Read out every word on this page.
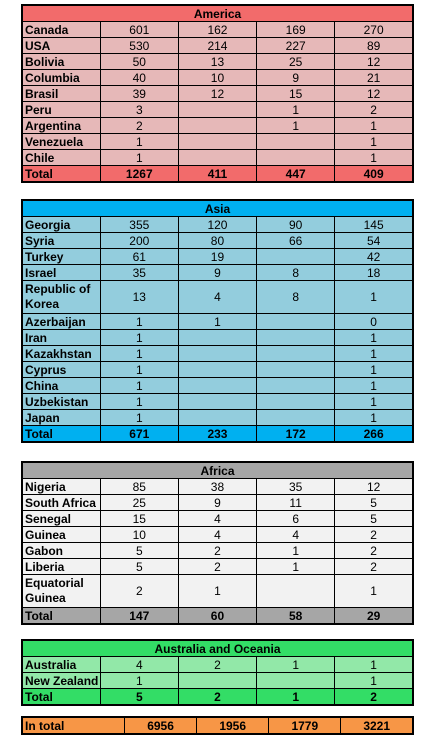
America				
Canada	601	162	169	270
USA	530	214	227	89
Bolivia	50	13	25	12
Columbia	40	10	9	21
Brasil	39	12	15	12
Peru	3		1	2
Argentina	2		1	1
Venezuela	1			1
Chile	1			1
Total	1267	411	447	409
Asia				
Georgia	355	120	90	145
Syria	200	80	66	54
Turkey	61	19		42
Israel	35	9	8	18
Republic of Korea	13	4	8	1
Azerbaijan	1	1		0
Iran	1			1
Kazakhstan	1			1
Cyprus	1			1
China	1			1
Uzbekistan	1			1
Japan	1			1
Total	671	233	172	266
Africa				
Nigeria	85	38	35	12
South Africa	25	9	11	5
Senegal	15	4	6	5
Guinea	10	4	4	2
Gabon	5	2	1	2
Liberia	5	2	1	2
Equatorial Guinea	2	1		1
Total	147	60	58	29
Australia and Oceania				
Australia	4	2	1	1
New Zealand	1			1
Total	5	2	1	2
In total	6956	1956	1779	3221
